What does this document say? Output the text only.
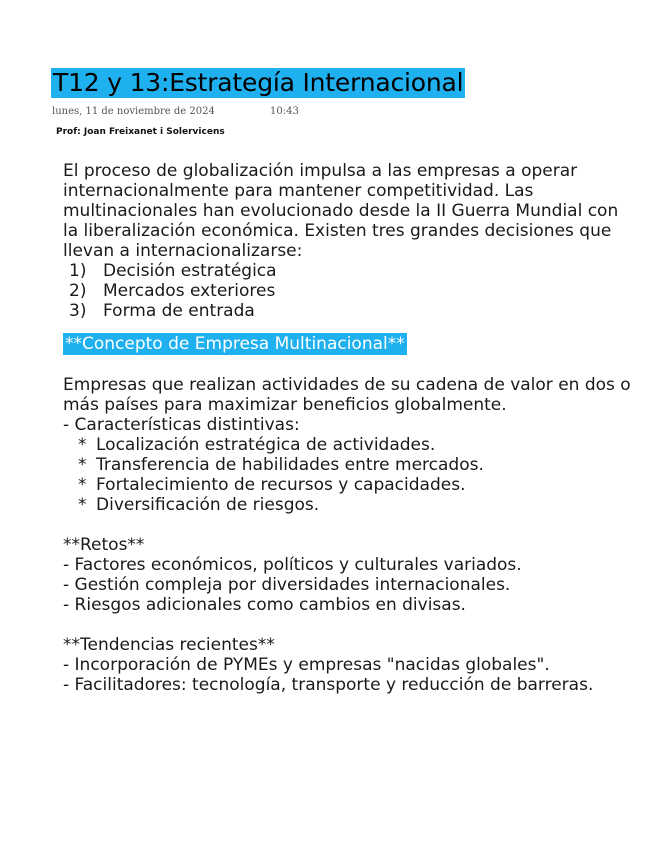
T12 y 13:Estrategía Internacional
lunes, 11 de noviembre de 2024	10:43
Prof: Joan Freixanet i Solervicens

El proceso de globalización impulsa a las empresas a operar internacionalmente para mantener competitividad. Las multinacionales han evolucionado desde la II Guerra Mundial con la liberalización económica. Existen tres grandes decisiones que llevan a internacionalizarse:

1) Decisión estratégica
2) Mercados exteriores
3) Forma de entrada
**Concepto de Empresa Multinacional**

Empresas que realizan actividades de su cadena de valor en dos o más países para maximizar beneficios globalmente.

- Características distintivas:

* Localización estratégica de actividades.
* Transferencia de habilidades entre mercados.
* Fortalecimiento de recursos y capacidades.
* Diversificación de riesgos.

**Retos**

- Factores económicos, políticos y culturales variados.

- Gestión compleja por diversidades internacionales.

- Riesgos adicionales como cambios en divisas.

**Tendencias recientes**

- Incorporación de PYMEs y empresas "nacidas globales".

- Facilitadores: tecnología, transporte y reducción de barreras.
